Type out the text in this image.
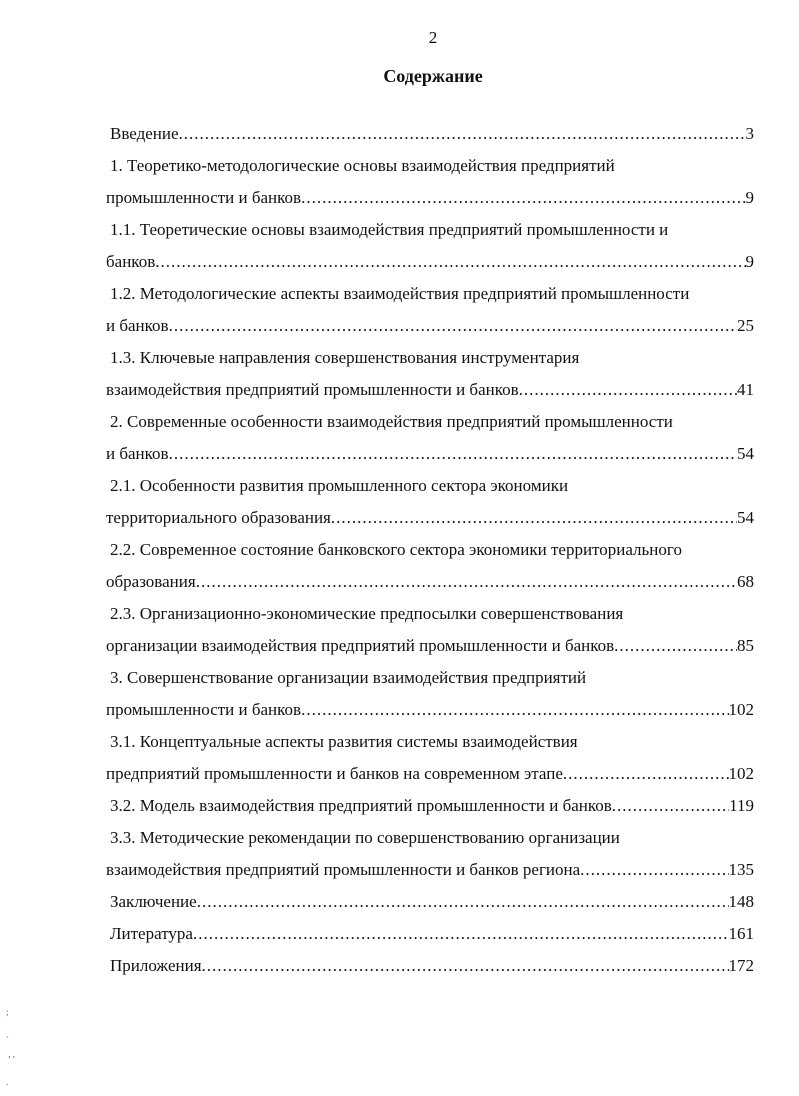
2
Содержание
Введение .....	3
1. Теоретико-методологические основы взаимодействия предприятий
промышленности и банков .....	9
1.1. Теоретические основы взаимодействия предприятий промышленности и
банков .....	9
1.2. Методологические аспекты взаимодействия предприятий промышленности
и банков .....	25
1.3. Ключевые направления совершенствования инструментария
взаимодействия предприятий промышленности и банков .....	41
2. Современные особенности взаимодействия предприятий промышленности
и банков .....	54
2.1. Особенности развития промышленного сектора экономики
территориального образования .....	54
2.2. Современное состояние банковского сектора экономики территориального
образования .....	68
2.3. Организационно-экономические предпосылки совершенствования
организации взаимодействия предприятий промышленности и банков .....	85
3. Совершенствование организации взаимодействия предприятий
промышленности и банков .....	102
3.1. Концептуальные аспекты развития системы взаимодействия
предприятий промышленности и банков на современном этапе .....	102
3.2. Модель взаимодействия предприятий промышленности и банков .....	119
3.3. Методические рекомендации по совершенствованию организации
взаимодействия предприятий промышленности и банков региона .....	135
Заключение .....	148
Литература .....	161
Приложения .....	172
;

`
, ,

.
